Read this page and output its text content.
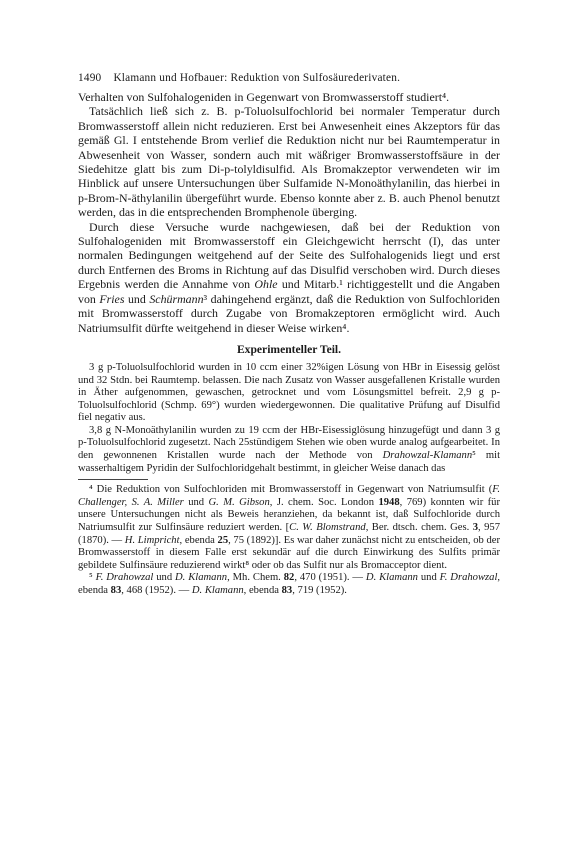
1490 Klamann und Hofbauer: Reduktion von Sulfosäurederivaten.

Verhalten von Sulfohalogeniden in Gegenwart von Bromwasserstoff studiert⁴.

Tatsächlich ließ sich z. B. p-Toluolsulfochlorid bei normaler Temperatur durch Bromwasserstoff allein nicht reduzieren. Erst bei Anwesenheit eines Akzeptors für das gemäß Gl. I entstehende Brom verlief die Reduktion nicht nur bei Raumtemperatur in Abwesenheit von Wasser, sondern auch mit wäßriger Bromwasserstoffsäure in der Siedehitze glatt bis zum Di-p-tolyldisulfid. Als Bromakzeptor verwendeten wir im Hinblick auf unsere Untersuchungen über Sulfamide N-Monoäthylanilin, das hierbei in p-Brom-N-äthylanilin übergeführt wurde. Ebenso konnte aber z. B. auch Phenol benutzt werden, das in die entsprechenden Bromphenole überging.

Durch diese Versuche wurde nachgewiesen, daß bei der Reduktion von Sulfohalogeniden mit Bromwasserstoff ein Gleichgewicht herrscht (I), das unter normalen Bedingungen weitgehend auf der Seite des Sulfohalogenids liegt und erst durch Entfernen des Broms in Richtung auf das Disulfid verschoben wird. Durch dieses Ergebnis werden die Annahme von Ohle und Mitarb.¹ richtiggestellt und die Angaben von Fries und Schürmann³ dahingehend ergänzt, daß die Reduktion von Sulfochloriden mit Bromwasserstoff durch Zugabe von Bromakzeptoren ermöglicht wird. Auch Natriumsulfit dürfte weitgehend in dieser Weise wirken⁴.

Experimenteller Teil.

3 g p-Toluolsulfochlorid wurden in 10 ccm einer 32%igen Lösung von HBr in Eisessig gelöst und 32 Stdn. bei Raumtemp. belassen. Die nach Zusatz von Wasser ausgefallenen Kristalle wurden in Äther aufgenommen, gewaschen, getrocknet und vom Lösungsmittel befreit. 2,9 g p-Toluolsulfochlorid (Schmp. 69°) wurden wiedergewonnen. Die qualitative Prüfung auf Disulfid fiel negativ aus.

3,8 g N-Monoäthylanilin wurden zu 19 ccm der HBr-Eisessiglösung hinzugefügt und dann 3 g p-Toluolsulfochlorid zugesetzt. Nach 25stündigem Stehen wie oben wurde analog aufgearbeitet. In den gewonnenen Kristallen wurde nach der Methode von Drahowzal-Klamann⁵ mit wasserhaltigem Pyridin der Sulfochloridgehalt bestimmt, in gleicher Weise danach das

⁴ Die Reduktion von Sulfochloriden mit Bromwasserstoff in Gegenwart von Natriumsulfit (F. Challenger, S. A. Miller und G. M. Gibson, J. chem. Soc. London 1948, 769) konnten wir für unsere Untersuchungen nicht als Beweis heranziehen, da bekannt ist, daß Sulfochloride durch Natriumsulfit zur Sulfinsäure reduziert werden. [C. W. Blomstrand, Ber. dtsch. chem. Ges. 3, 957 (1870). — H. Limpricht, ebenda 25, 75 (1892)]. Es war daher zunächst nicht zu entscheiden, ob der Bromwasserstoff in diesem Falle erst sekundär auf die durch Einwirkung des Sulfits primär gebildete Sulfinsäure reduzierend wirkt⁸ oder ob das Sulfit nur als Bromacceptor dient.

⁵ F. Drahowzal und D. Klamann, Mh. Chem. 82, 470 (1951). — D. Klamann und F. Drahowzal, ebenda 83, 468 (1952). — D. Klamann, ebenda 83, 719 (1952).
